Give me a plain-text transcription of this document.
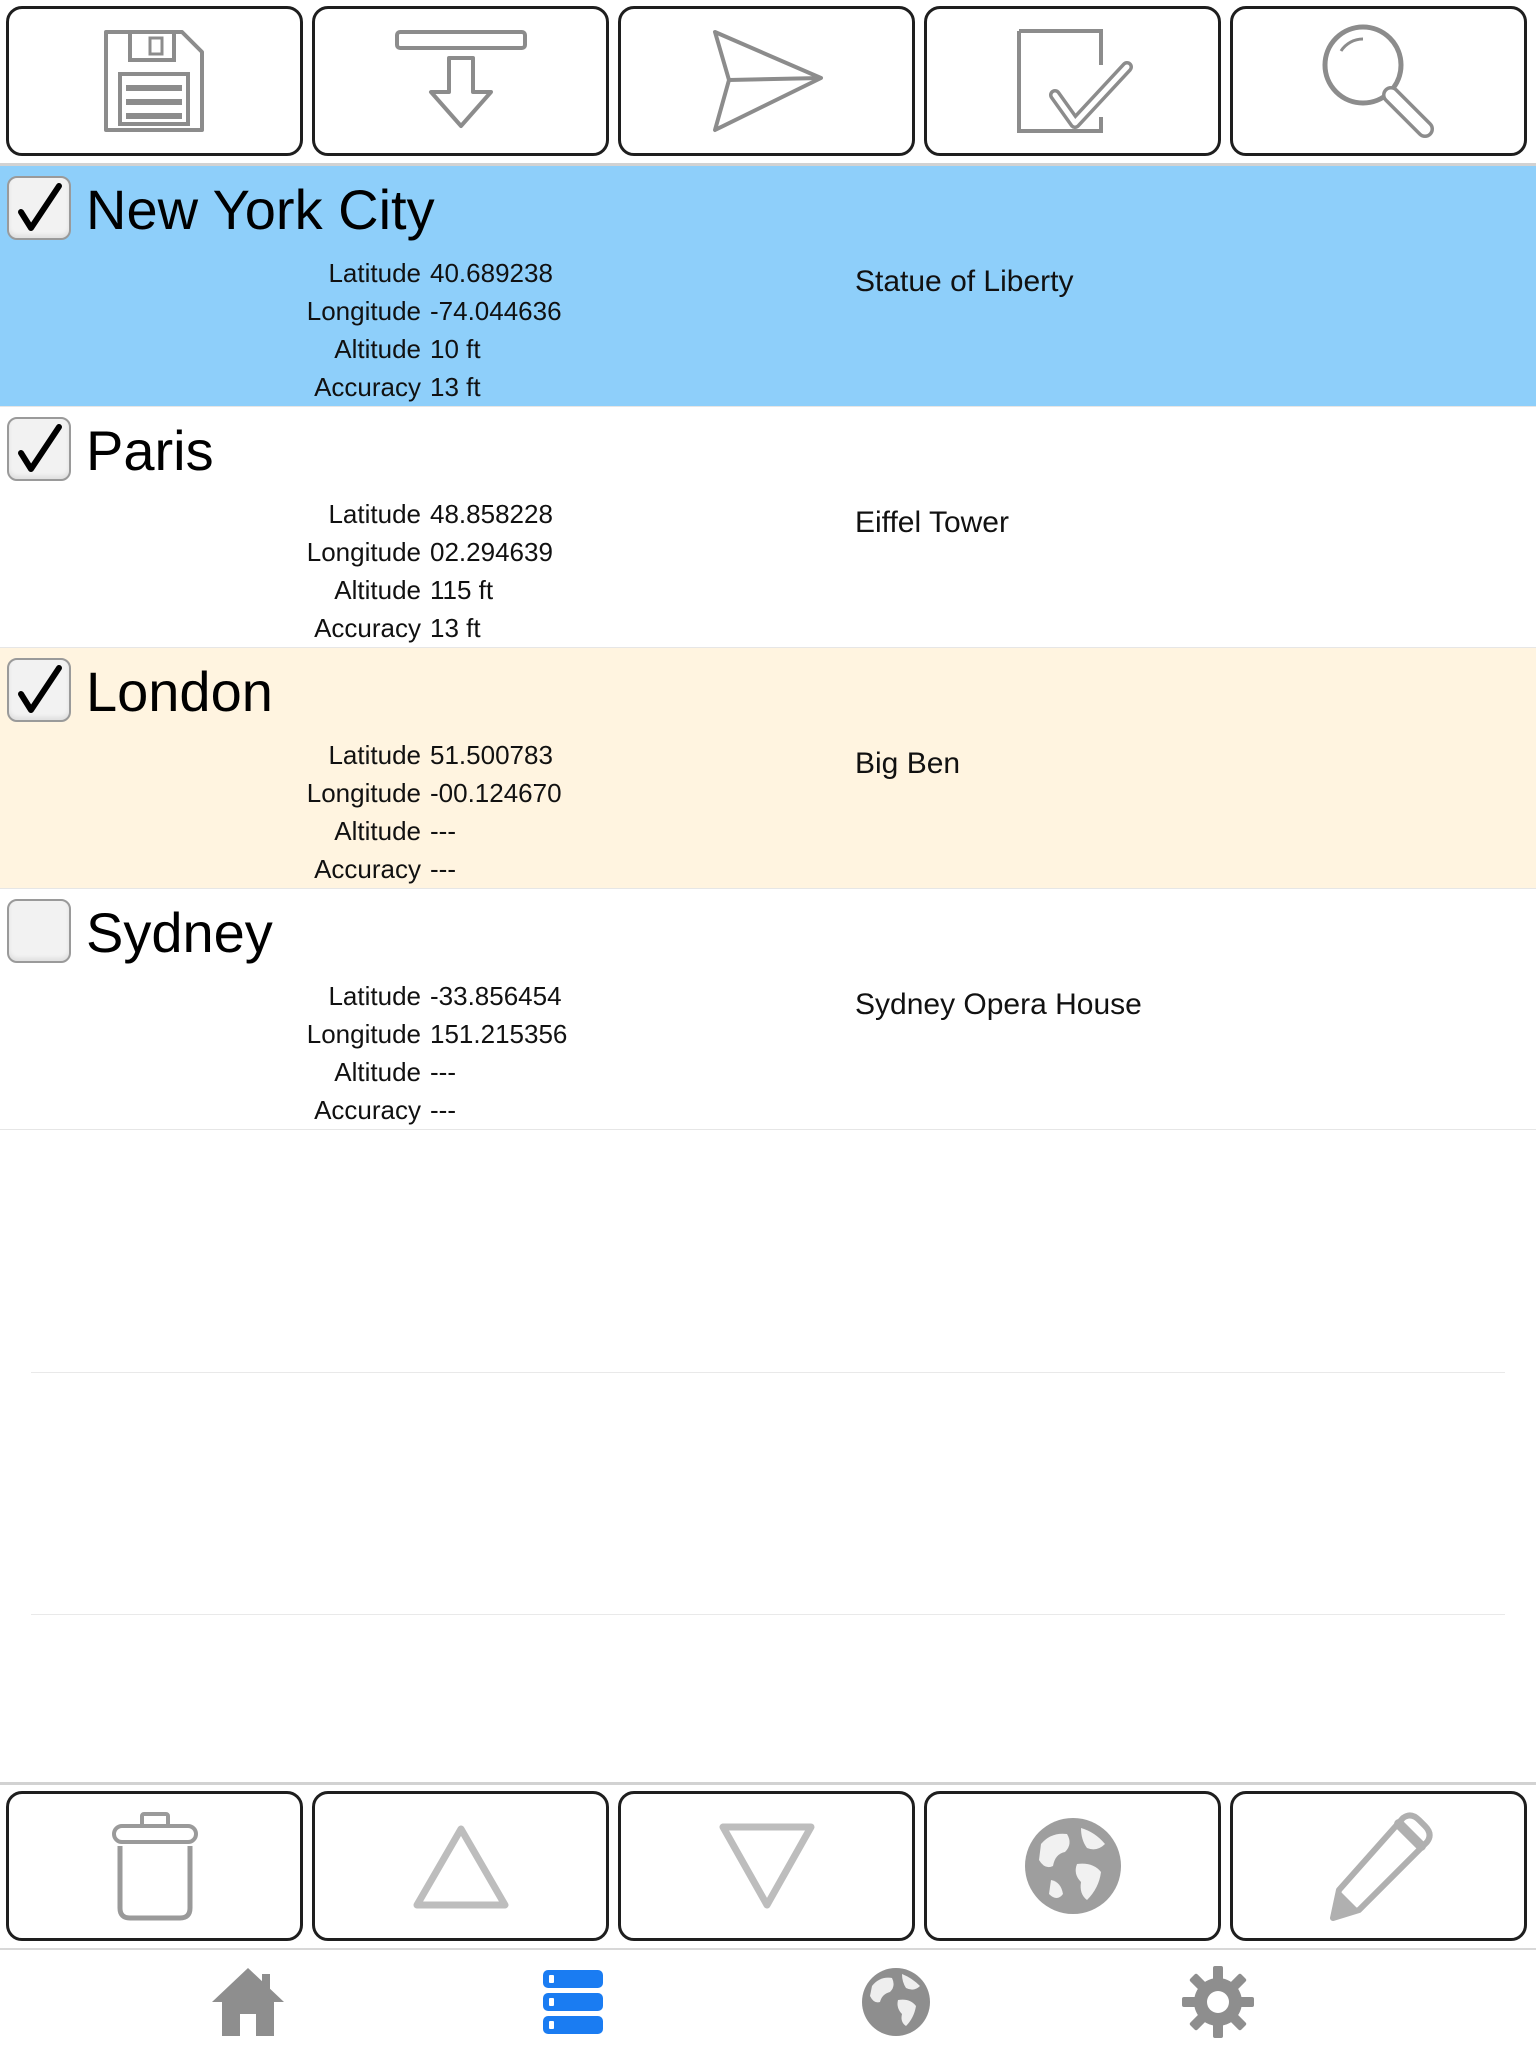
New York City
Latitude
Longitude
Altitude
Accuracy
40.689238
-74.044636
10 ft
13 ft
Statue of Liberty
Paris
Latitude
Longitude
Altitude
Accuracy
48.858228
02.294639
115 ft
13 ft
Eiffel Tower
London
Latitude
Longitude
Altitude
Accuracy
51.500783
-00.124670
---
---
Big Ben
Sydney
Latitude
Longitude
Altitude
Accuracy
-33.856454
151.215356
---
---
Sydney Opera House
